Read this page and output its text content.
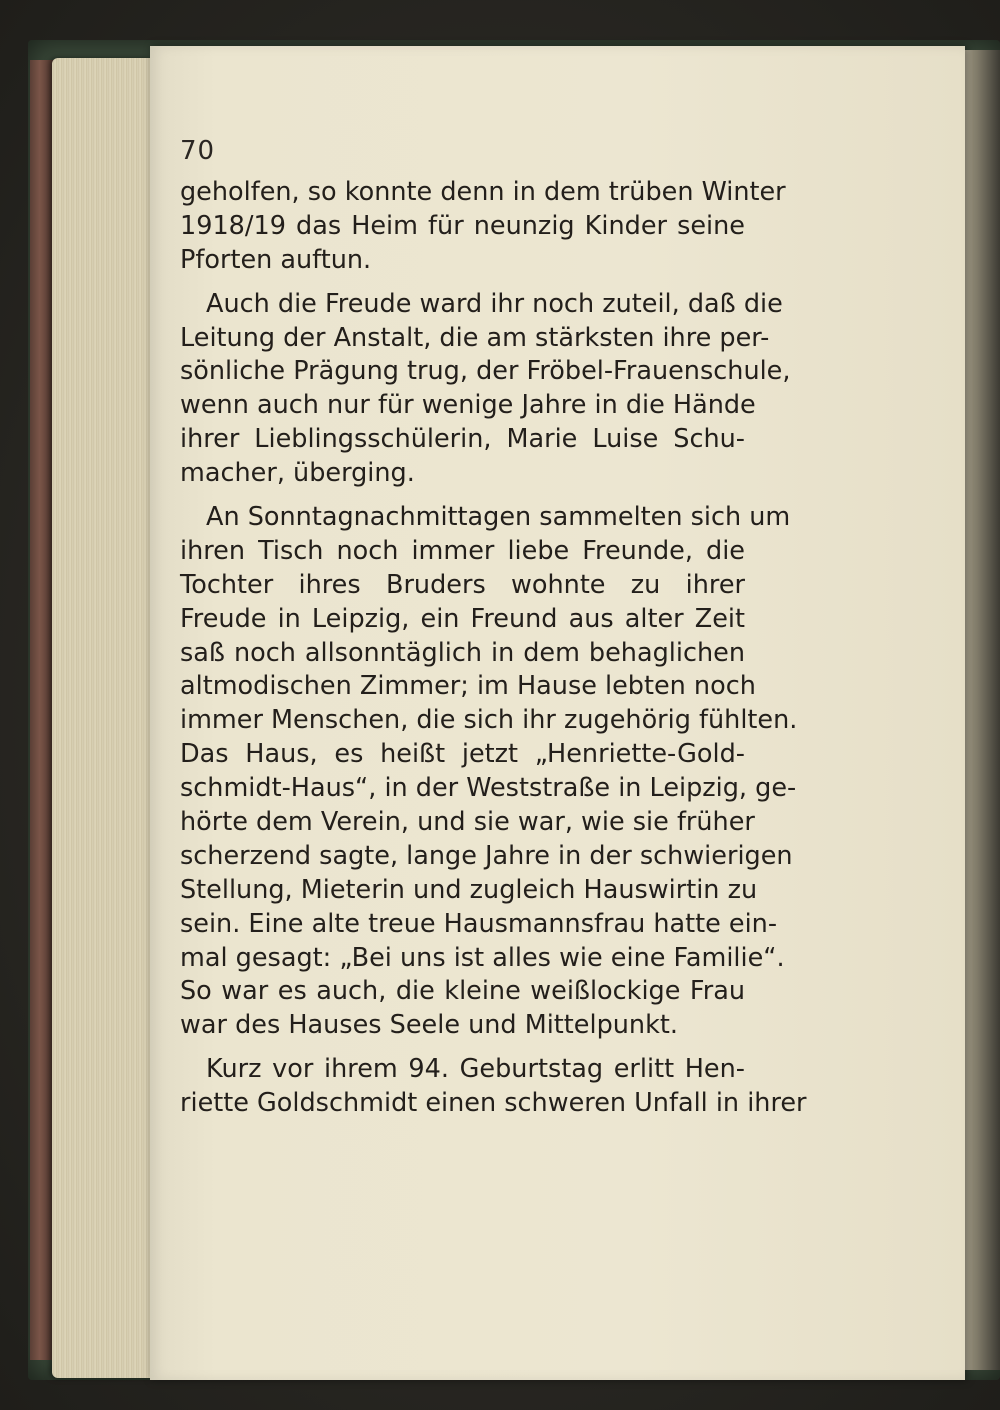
70
geholfen, so konnte denn in dem trüben Winter
1918/19 das Heim für neunzig Kinder seine
Pforten auftun.
Auch die Freude ward ihr noch zuteil, daß die
Leitung der Anstalt, die am stärksten ihre per-
sönliche Prägung trug, der Fröbel-Frauenschule,
wenn auch nur für wenige Jahre in die Hände
ihrer Lieblingsschülerin, Marie Luise Schu-
macher, überging.
An Sonntagnachmittagen sammelten sich um
ihren Tisch noch immer liebe Freunde, die
Tochter ihres Bruders wohnte zu ihrer
Freude in Leipzig, ein Freund aus alter Zeit
saß noch allsonntäglich in dem behaglichen
altmodischen Zimmer; im Hause lebten noch
immer Menschen, die sich ihr zugehörig fühlten.
Das Haus, es heißt jetzt „Henriette-Gold-
schmidt-Haus“, in der Weststraße in Leipzig, ge-
hörte dem Verein, und sie war, wie sie früher
scherzend sagte, lange Jahre in der schwierigen
Stellung, Mieterin und zugleich Hauswirtin zu
sein. Eine alte treue Hausmannsfrau hatte ein-
mal gesagt: „Bei uns ist alles wie eine Familie“.
So war es auch, die kleine weißlockige Frau
war des Hauses Seele und Mittelpunkt.
Kurz vor ihrem 94. Geburtstag erlitt Hen-
riette Goldschmidt einen schweren Unfall in ihrer
